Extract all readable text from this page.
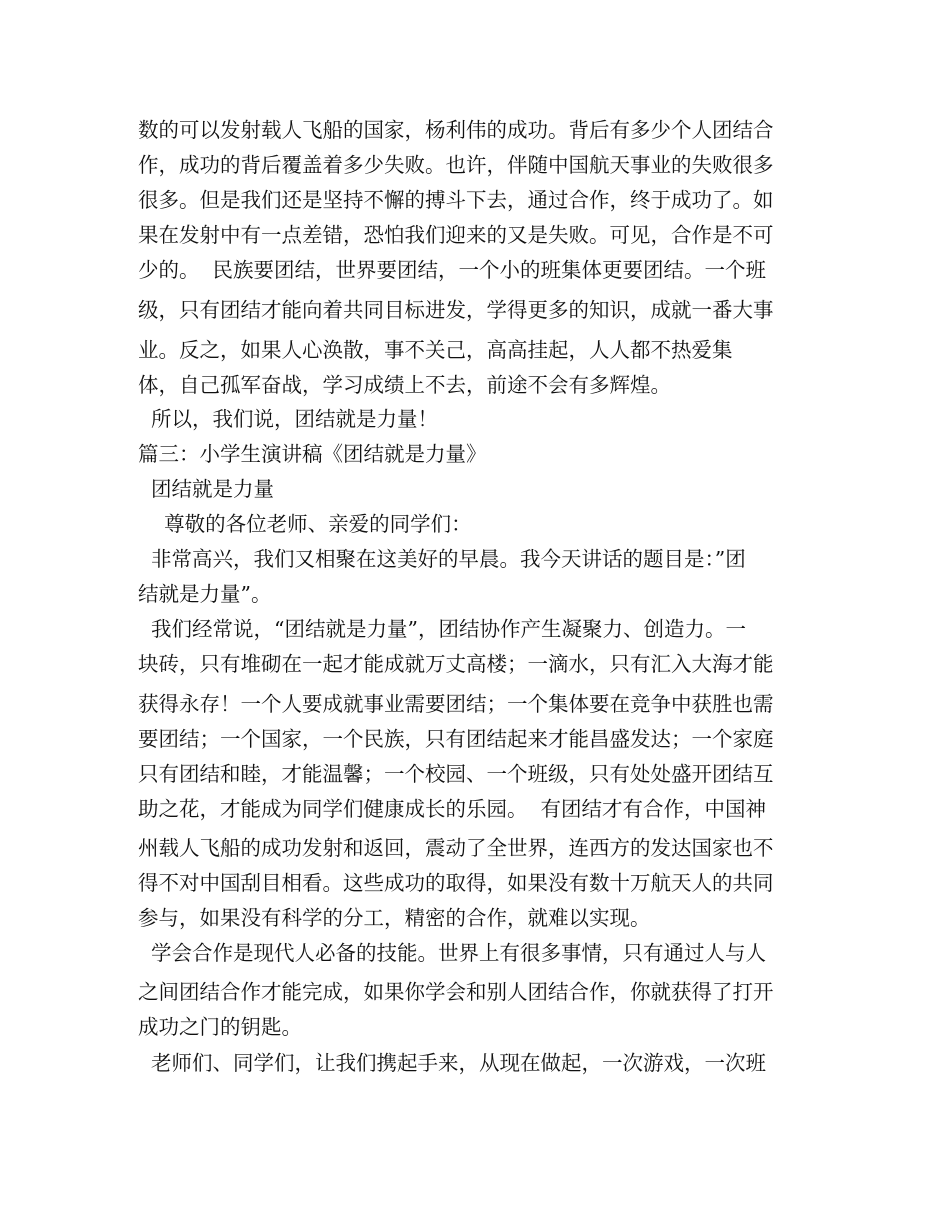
数的可以发射载人飞船的国家，杨利伟的成功。背后有多少个人团结合
作，成功的背后覆盖着多少失败。也许，伴随中国航天事业的失败很多
很多。但是我们还是坚持不懈的搏斗下去，通过合作，终于成功了。如
果在发射中有一点差错，恐怕我们迎来的又是失败。可见，合作是不可
少的。  民族要团结，世界要团结，一个小的班集体更要团结。一个班
级，只有团结才能向着共同目标进发，学得更多的知识，成就一番大事
业。反之，如果人心涣散，事不关己，高高挂起，人人都不热爱集
体，自己孤军奋战，学习成绩上不去，前途不会有多辉煌。
所以，我们说，团结就是力量！
篇三：小学生演讲稿《团结就是力量》
团结就是力量
尊敬的各位老师、亲爱的同学们：
非常高兴，我们又相聚在这美好的早晨。我今天讲话的题目是：”团
结就是力量”。
我们经常说，“团结就是力量”，团结协作产生凝聚力、创造力。一
块砖，只有堆砌在一起才能成就万丈高楼；一滴水，只有汇入大海才能
获得永存！一个人要成就事业需要团结；一个集体要在竞争中获胜也需
要团结；一个国家，一个民族，只有团结起来才能昌盛发达；一个家庭
只有团结和睦，才能温馨；一个校园、一个班级，只有处处盛开团结互
助之花，才能成为同学们健康成长的乐园。  有团结才有合作，中国神
州载人飞船的成功发射和返回，震动了全世界，连西方的发达国家也不
得不对中国刮目相看。这些成功的取得，如果没有数十万航天人的共同
参与，如果没有科学的分工，精密的合作，就难以实现。
学会合作是现代人必备的技能。世界上有很多事情，只有通过人与人
之间团结合作才能完成，如果你学会和别人团结合作，你就获得了打开
成功之门的钥匙。
老师们、同学们，让我们携起手来，从现在做起，一次游戏，一次班
